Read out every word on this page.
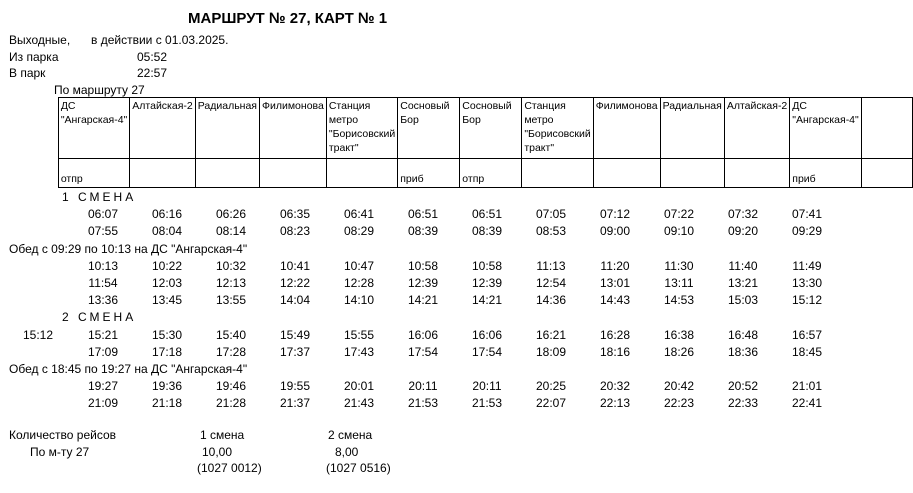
МАРШРУТ № 27, КАРТ № 1
Выходные, в действии с 01.03.2025.
Из парка	05:52
В парк	22:57
По маршруту 27
	ДС "Ангарская-4"	Алтайская-2	Радиальная	Филимонова	Станция метро "Борисовский тракт"	Сосновый Бор	Сосновый Бор	Станция метро "Борисовский тракт"	Филимонова	Радиальная	Алтайская-2	ДС "Ангарская-4"	
	отпр					приб	отпр					приб	
Количество рейсов	1 смена	2 смена
По м-ту 27	10,00	8,00
(1027 0012)	(1027 0516)
1 СМЕНА
06:07	06:16	06:26	06:35	06:41	06:51	06:51	07:05	07:12	07:22	07:32	07:41
07:55	08:04	08:14	08:23	08:29	08:39	08:39	08:53	09:00	09:10	09:20	09:29
Обед с 09:29 по 10:13 на ДС "Ангарская-4"
10:13	10:22	10:32	10:41	10:47	10:58	10:58	11:13	11:20	11:30	11:40	11:49
11:54	12:03	12:13	12:22	12:28	12:39	12:39	12:54	13:01	13:11	13:21	13:30
13:36	13:45	13:55	14:04	14:10	14:21	14:21	14:36	14:43	14:53	15:03	15:12
2 СМЕНА
15:12	15:21	15:30	15:40	15:49	15:55	16:06	16:06	16:21	16:28	16:38	16:48	16:57
17:09	17:18	17:28	17:37	17:43	17:54	17:54	18:09	18:16	18:26	18:36	18:45
Обед с 18:45 по 19:27 на ДС "Ангарская-4"
19:27	19:36	19:46	19:55	20:01	20:11	20:11	20:25	20:32	20:42	20:52	21:01
21:09	21:18	21:28	21:37	21:43	21:53	21:53	22:07	22:13	22:23	22:33	22:41
